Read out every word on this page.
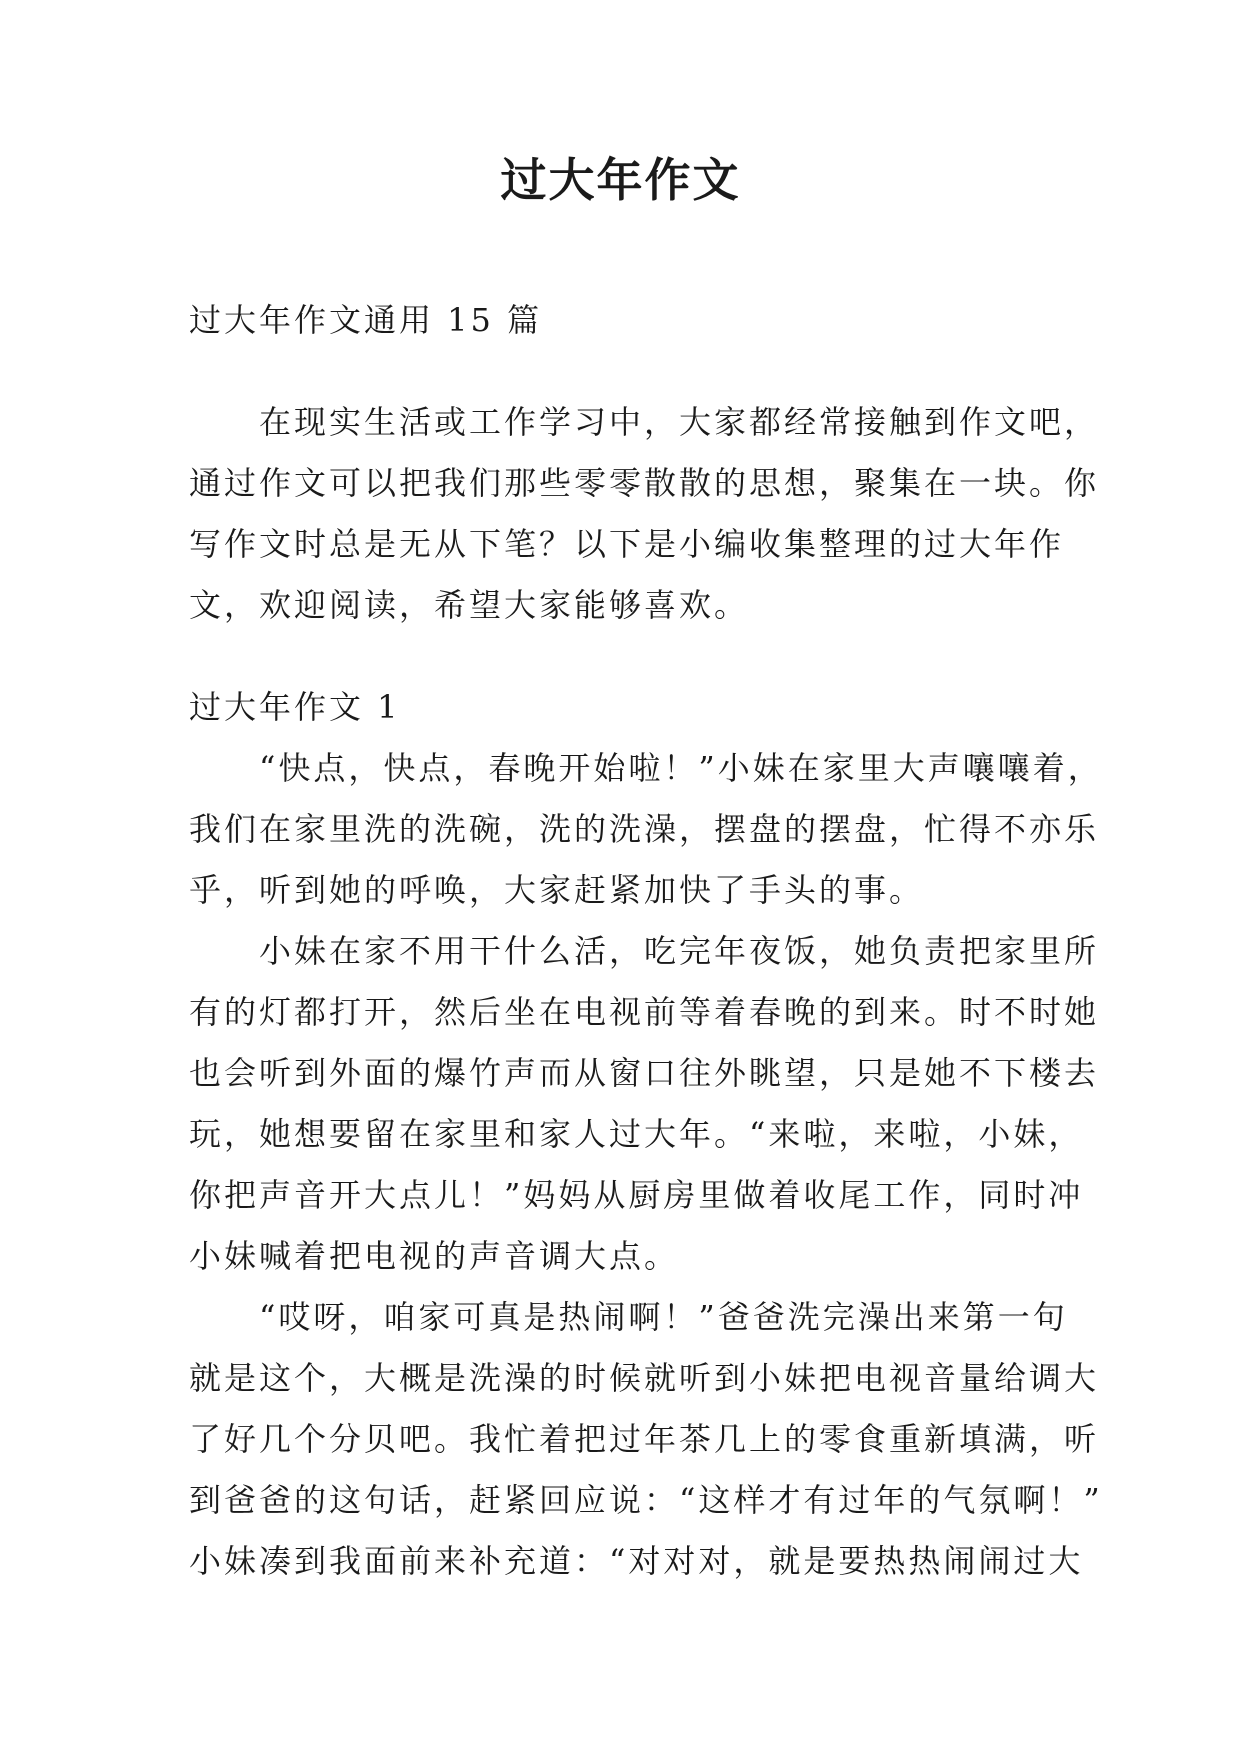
过大年作文
过大年作文通用 15 篇
在现实生活或工作学习中，大家都经常接触到作文吧，
通过作文可以把我们那些零零散散的思想，聚集在一块。你
写作文时总是无从下笔？以下是小编收集整理的过大年作
文，欢迎阅读，希望大家能够喜欢。
过大年作文 1
“快点，快点，春晚开始啦！”小妹在家里大声嚷嚷着，
我们在家里洗的洗碗，洗的洗澡，摆盘的摆盘，忙得不亦乐
乎，听到她的呼唤，大家赶紧加快了手头的事。
小妹在家不用干什么活，吃完年夜饭，她负责把家里所
有的灯都打开，然后坐在电视前等着春晚的到来。时不时她
也会听到外面的爆竹声而从窗口往外眺望，只是她不下楼去
玩，她想要留在家里和家人过大年。“来啦，来啦，小妹，
你把声音开大点儿！”妈妈从厨房里做着收尾工作，同时冲
小妹喊着把电视的声音调大点。
“哎呀，咱家可真是热闹啊！”爸爸洗完澡出来第一句
就是这个，大概是洗澡的时候就听到小妹把电视音量给调大
了好几个分贝吧。我忙着把过年茶几上的零食重新填满，听
到爸爸的这句话，赶紧回应说：“这样才有过年的气氛啊！”
小妹凑到我面前来补充道：“对对对，就是要热热闹闹过大
